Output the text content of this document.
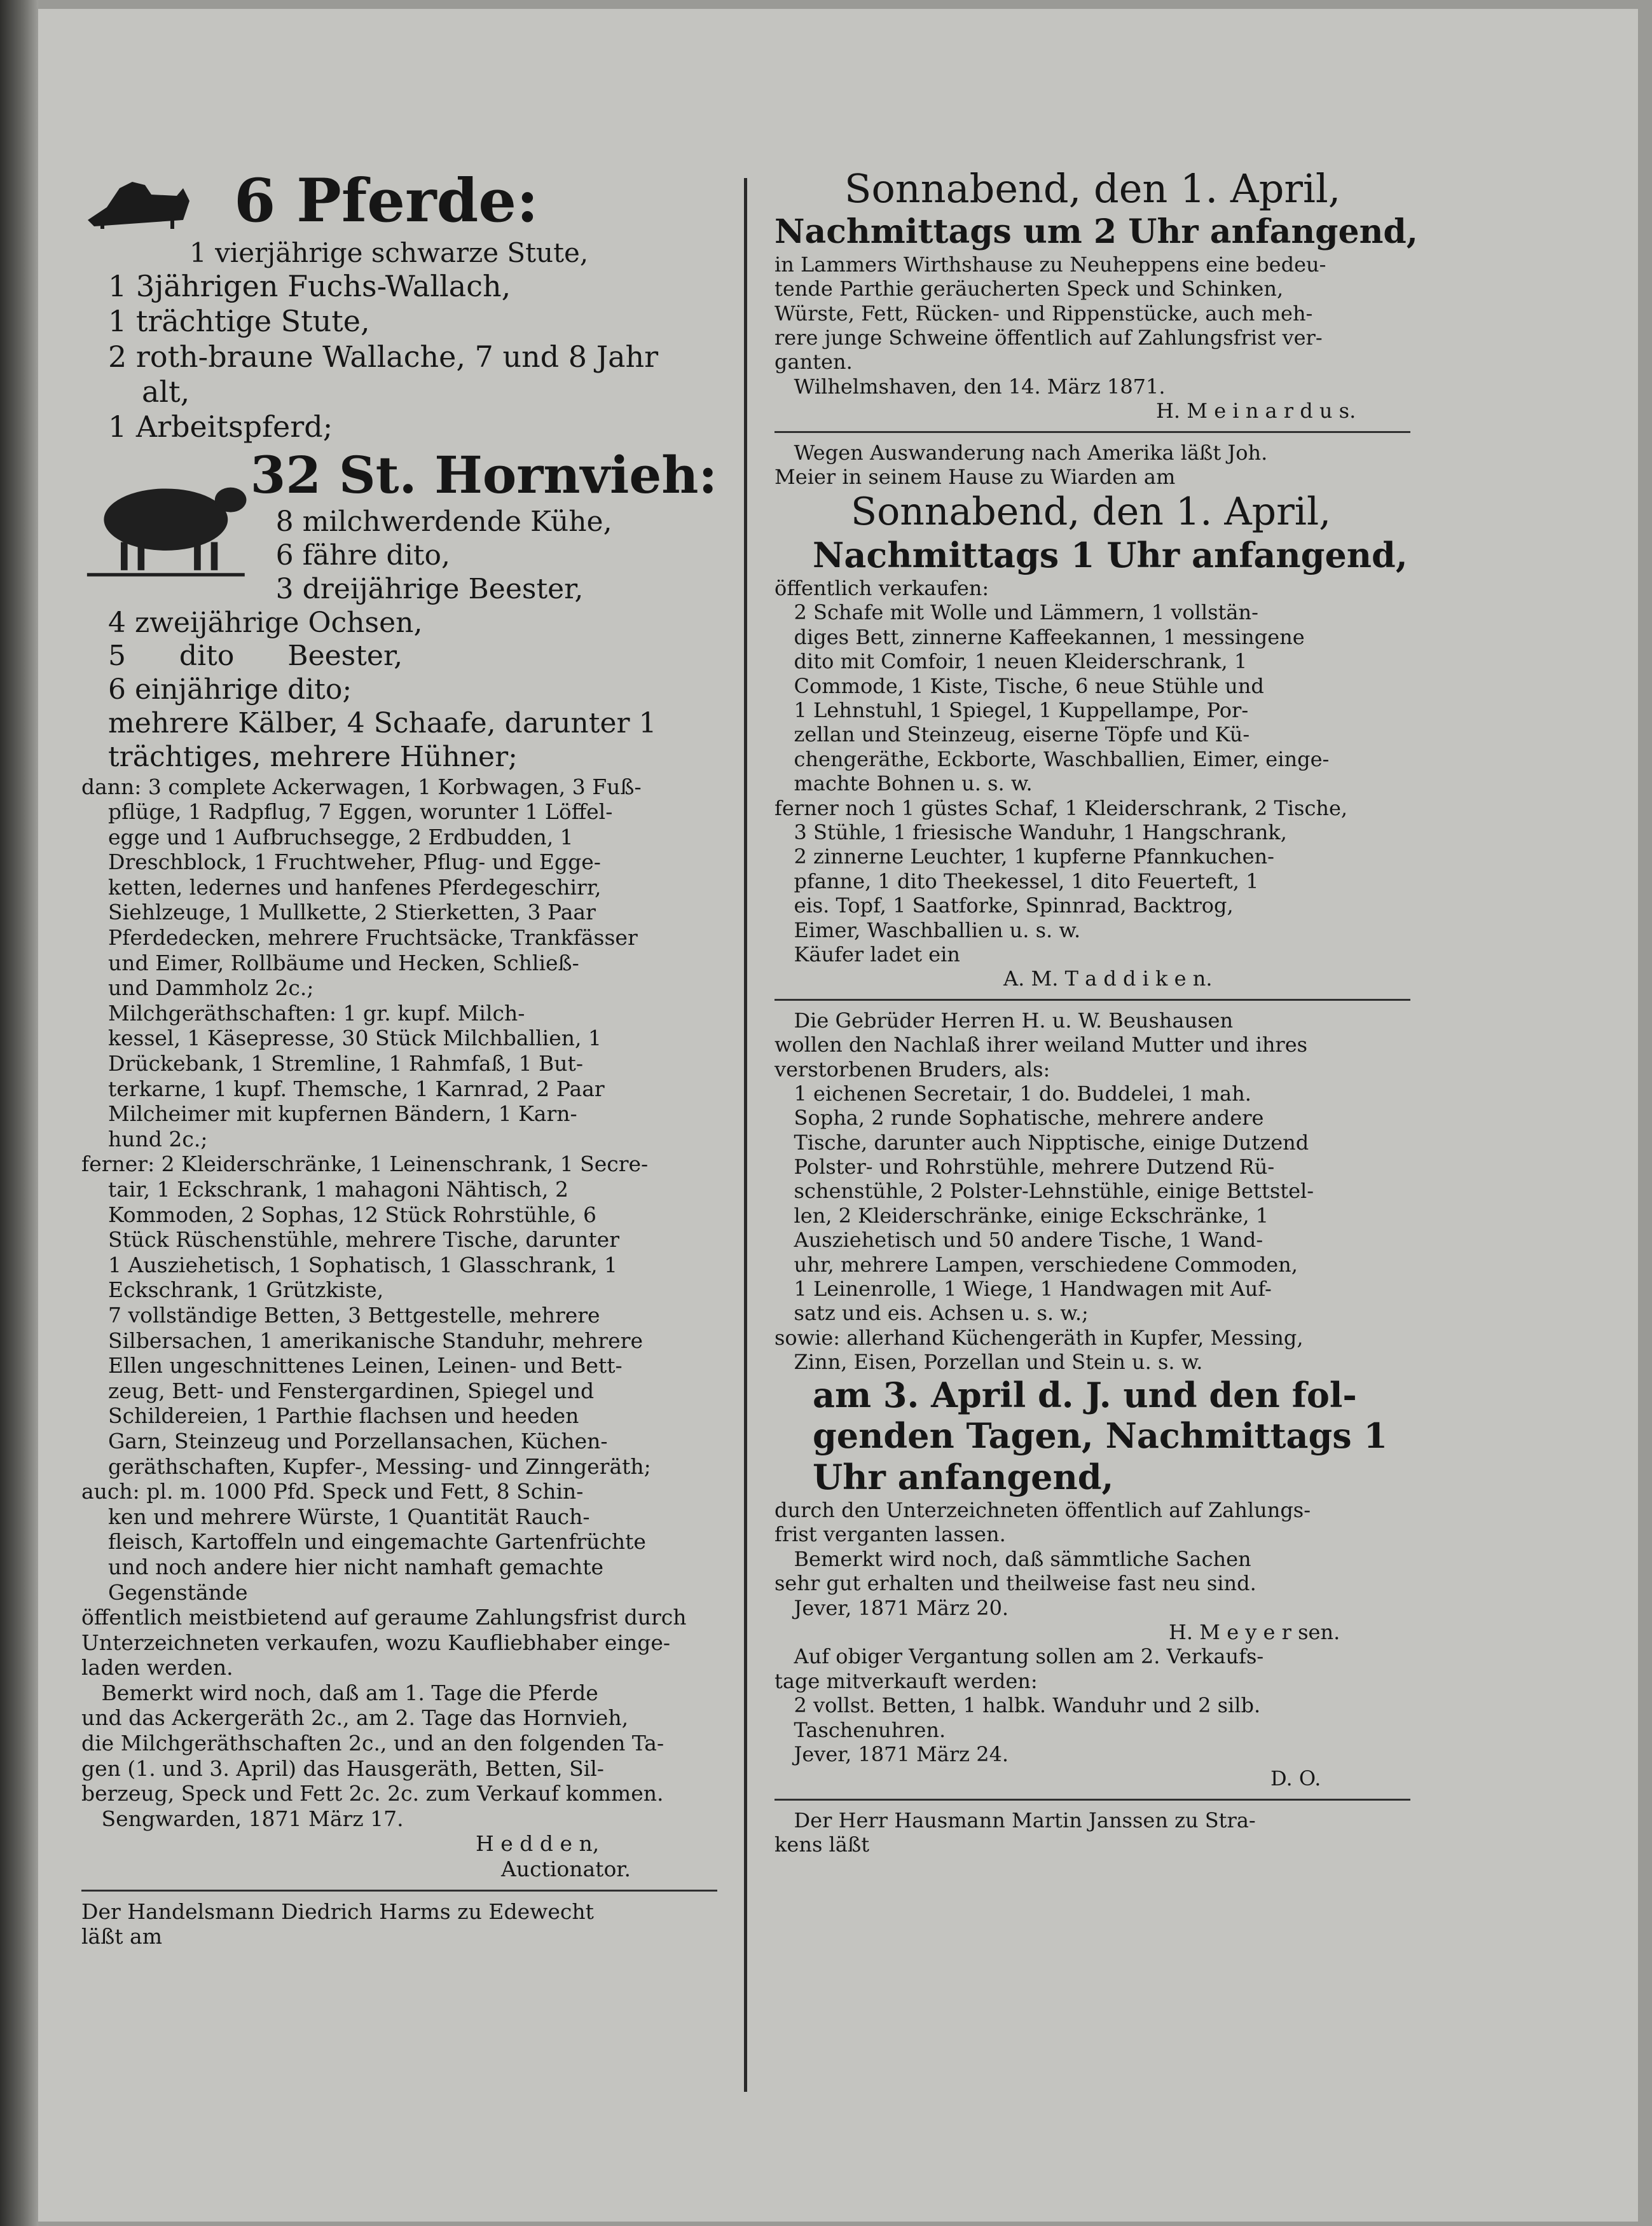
6 Pferde:

1 vierjährige schwarze Stute,

1 3jährigen Fuchs-Wallach,

1 trächtige Stute,

2 roth-braune Wallache, 7 und 8 Jahr

alt,

1 Arbeitspferd;

32 St. Hornvieh:

8 milchwerdende Kühe,

6 fähre dito,

3 dreijährige Beester,

4 zweijährige Ochsen,

5      dito      Beester,

6 einjährige dito;

mehrere Kälber, 4 Schaafe, darunter 1

trächtiges, mehrere Hühner;

dann: 3 complete Ackerwagen, 1 Korbwagen, 3 Fuß-

pflüge, 1 Radpflug, 7 Eggen, worunter 1 Löffel-

egge und 1 Aufbruchsegge, 2 Erdbudden, 1

Dreschblock, 1 Fruchtweher, Pflug- und Egge-

ketten, ledernes und hanfenes Pferdegeschirr,

Siehlzeuge, 1 Mullkette, 2 Stierketten, 3 Paar

Pferdedecken, mehrere Fruchtsäcke, Trankfässer

und Eimer, Rollbäume und Hecken, Schließ-

und Dammholz 2c.;

Milchgeräthschaften: 1 gr. kupf. Milch-

kessel, 1 Käsepresse, 30 Stück Milchballien, 1

Drückebank, 1 Stremline, 1 Rahmfaß, 1 But-

terkarne, 1 kupf. Themsche, 1 Karnrad, 2 Paar

Milcheimer mit kupfernen Bändern, 1 Karn-

hund 2c.;

ferner: 2 Kleiderschränke, 1 Leinenschrank, 1 Secre-

tair, 1 Eckschrank, 1 mahagoni Nähtisch, 2

Kommoden, 2 Sophas, 12 Stück Rohrstühle, 6

Stück Rüschenstühle, mehrere Tische, darunter

1 Ausziehetisch, 1 Sophatisch, 1 Glasschrank, 1

Eckschrank, 1 Grützkiste,

7 vollständige Betten, 3 Bettgestelle, mehrere

Silbersachen, 1 amerikanische Standuhr, mehrere

Ellen ungeschnittenes Leinen, Leinen- und Bett-

zeug, Bett- und Fenstergardinen, Spiegel und

Schildereien, 1 Parthie flachsen und heeden

Garn, Steinzeug und Porzellansachen, Küchen-

geräthschaften, Kupfer-, Messing- und Zinngeräth;

auch: pl. m. 1000 Pfd. Speck und Fett, 8 Schin-

ken und mehrere Würste, 1 Quantität Rauch-

fleisch, Kartoffeln und eingemachte Gartenfrüchte

und noch andere hier nicht namhaft gemachte

Gegenstände

öffentlich meistbietend auf geraume Zahlungsfrist durch

Unterzeichneten verkaufen, wozu Kaufliebhaber einge-

laden werden.

Bemerkt wird noch, daß am 1. Tage die Pferde

und das Ackergeräth 2c., am 2. Tage das Hornvieh,

die Milchgeräthschaften 2c., und an den folgenden Ta-

gen (1. und 3. April) das Hausgeräth, Betten, Sil-

berzeug, Speck und Fett 2c. 2c. zum Verkauf kommen.

Sengwarden, 1871 März 17.

H e d d e n,

Auctionator.

Der Handelsmann Diedrich Harms zu Edewecht

läßt am

Sonnabend, den 1. April,

Nachmittags um 2 Uhr anfangend,

in Lammers Wirthshause zu Neuheppens eine bedeu-

tende Parthie geräucherten Speck und Schinken,

Würste, Fett, Rücken- und Rippenstücke, auch meh-

rere junge Schweine öffentlich auf Zahlungsfrist ver-

ganten.

Wilhelmshaven, den 14. März 1871.

H. M e i n a r d u s.

Wegen Auswanderung nach Amerika läßt Joh.

Meier in seinem Hause zu Wiarden am

Sonnabend, den 1. April,

Nachmittags 1 Uhr anfangend,

öffentlich verkaufen:

2 Schafe mit Wolle und Lämmern, 1 vollstän-

diges Bett, zinnerne Kaffeekannen, 1 messingene

dito mit Comfoir, 1 neuen Kleiderschrank, 1

Commode, 1 Kiste, Tische, 6 neue Stühle und

1 Lehnstuhl, 1 Spiegel, 1 Kuppellampe, Por-

zellan und Steinzeug, eiserne Töpfe und Kü-

chengeräthe, Eckborte, Waschballien, Eimer, einge-

machte Bohnen u. s. w.

ferner noch 1 güstes Schaf, 1 Kleiderschrank, 2 Tische,

3 Stühle, 1 friesische Wanduhr, 1 Hangschrank,

2 zinnerne Leuchter, 1 kupferne Pfannkuchen-

pfanne, 1 dito Theekessel, 1 dito Feuerteft, 1

eis. Topf, 1 Saatforke, Spinnrad, Backtrog,

Eimer, Waschballien u. s. w.

Käufer ladet ein

A. M. T a d d i k e n.

Die Gebrüder Herren H. u. W. Beushausen

wollen den Nachlaß ihrer weiland Mutter und ihres

verstorbenen Bruders, als:

1 eichenen Secretair, 1 do. Buddelei, 1 mah.

Sopha, 2 runde Sophatische, mehrere andere

Tische, darunter auch Nipptische, einige Dutzend

Polster- und Rohrstühle, mehrere Dutzend Rü-

schenstühle, 2 Polster-Lehnstühle, einige Bettstel-

len, 2 Kleiderschränke, einige Eckschränke, 1

Ausziehetisch und 50 andere Tische, 1 Wand-

uhr, mehrere Lampen, verschiedene Commoden,

1 Leinenrolle, 1 Wiege, 1 Handwagen mit Auf-

satz und eis. Achsen u. s. w.;

sowie: allerhand Küchengeräth in Kupfer, Messing,

Zinn, Eisen, Porzellan und Stein u. s. w.

am 3. April d. J. und den fol-

genden Tagen, Nachmittags 1

Uhr anfangend,

durch den Unterzeichneten öffentlich auf Zahlungs-

frist verganten lassen.

Bemerkt wird noch, daß sämmtliche Sachen

sehr gut erhalten und theilweise fast neu sind.

Jever, 1871 März 20.

H. M e y e r sen.

Auf obiger Vergantung sollen am 2. Verkaufs-

tage mitverkauft werden:

2 vollst. Betten, 1 halbk. Wanduhr und 2 silb.

Taschenuhren.

Jever, 1871 März 24.

D. O.

Der Herr Hausmann Martin Janssen zu Stra-

kens läßt
